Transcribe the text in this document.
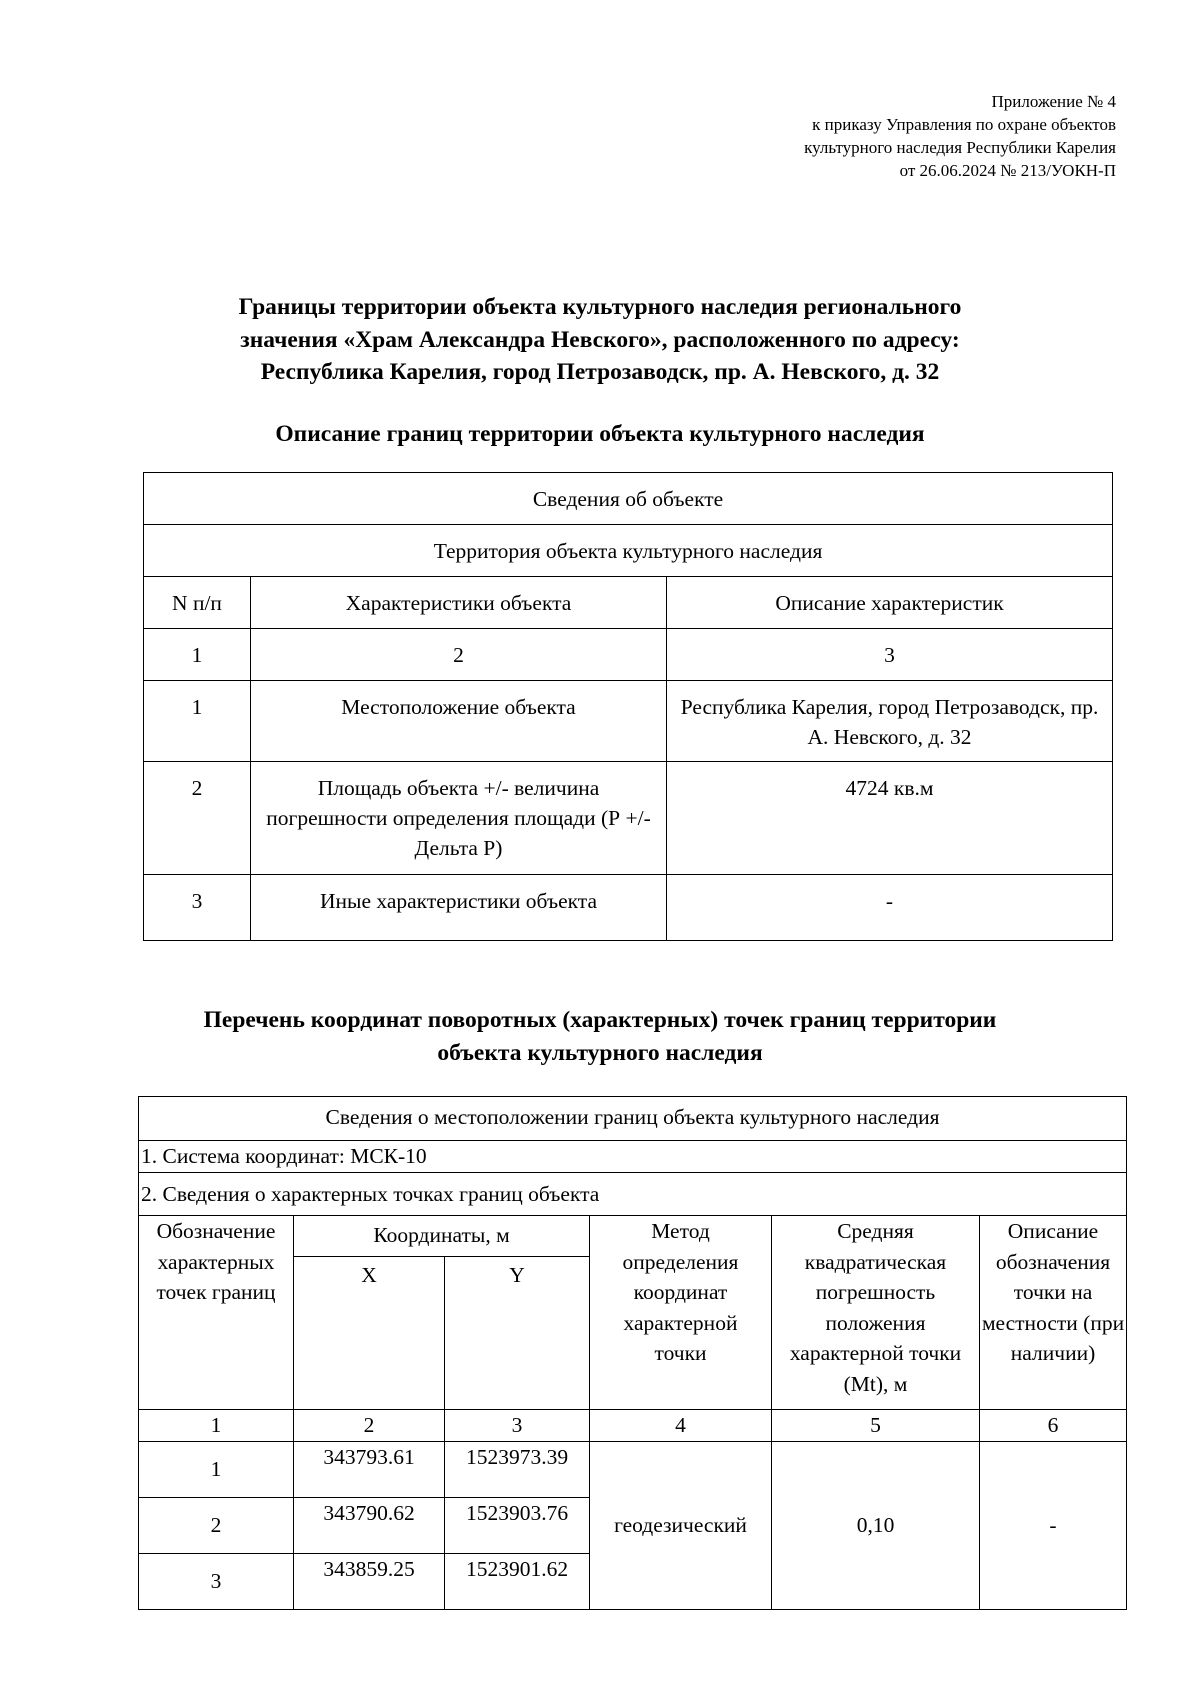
Приложение № 4
к приказу Управления по охране объектов
культурного наследия Республики Карелия
от 26.06.2024 № 213/УОКН-П
Границы территории объекта культурного наследия регионального
значения «Храм Александра Невского», расположенного по адресу:
Республика Карелия, город Петрозаводск, пр. А. Невского, д. 32
Описание границ территории объекта культурного наследия
Сведения об объекте		
Территория объекта культурного наследия		
N п/п	Характеристики объекта	Описание характеристик
1	2	3
1	Местоположение объекта	Республика Карелия, город Петрозаводск, пр. А. Невского, д. 32
2	Площадь объекта +/- величина погрешности определения площади (Р +/- Дельта Р)	4724 кв.м
3	Иные характеристики объекта	-
Перечень координат поворотных (характерных) точек границ территории
объекта культурного наследия
Сведения о местоположении границ объекта культурного наследия					
1. Система координат: МСК-10					
2. Сведения о характерных точках границ объекта					
Обозначение характерных точек границ	Координаты, м		Метод определения координат характерной точки	Средняя квадратическая погрешность положения характерной точки (Mt), м	Описание обозначения точки на местности (при наличии)
	X	Y			
1	2	3	4	5	6
1	343793.61	1523973.39	геодезический	0,10	-
2	343790.62	1523903.76			
3	343859.25	1523901.62			
